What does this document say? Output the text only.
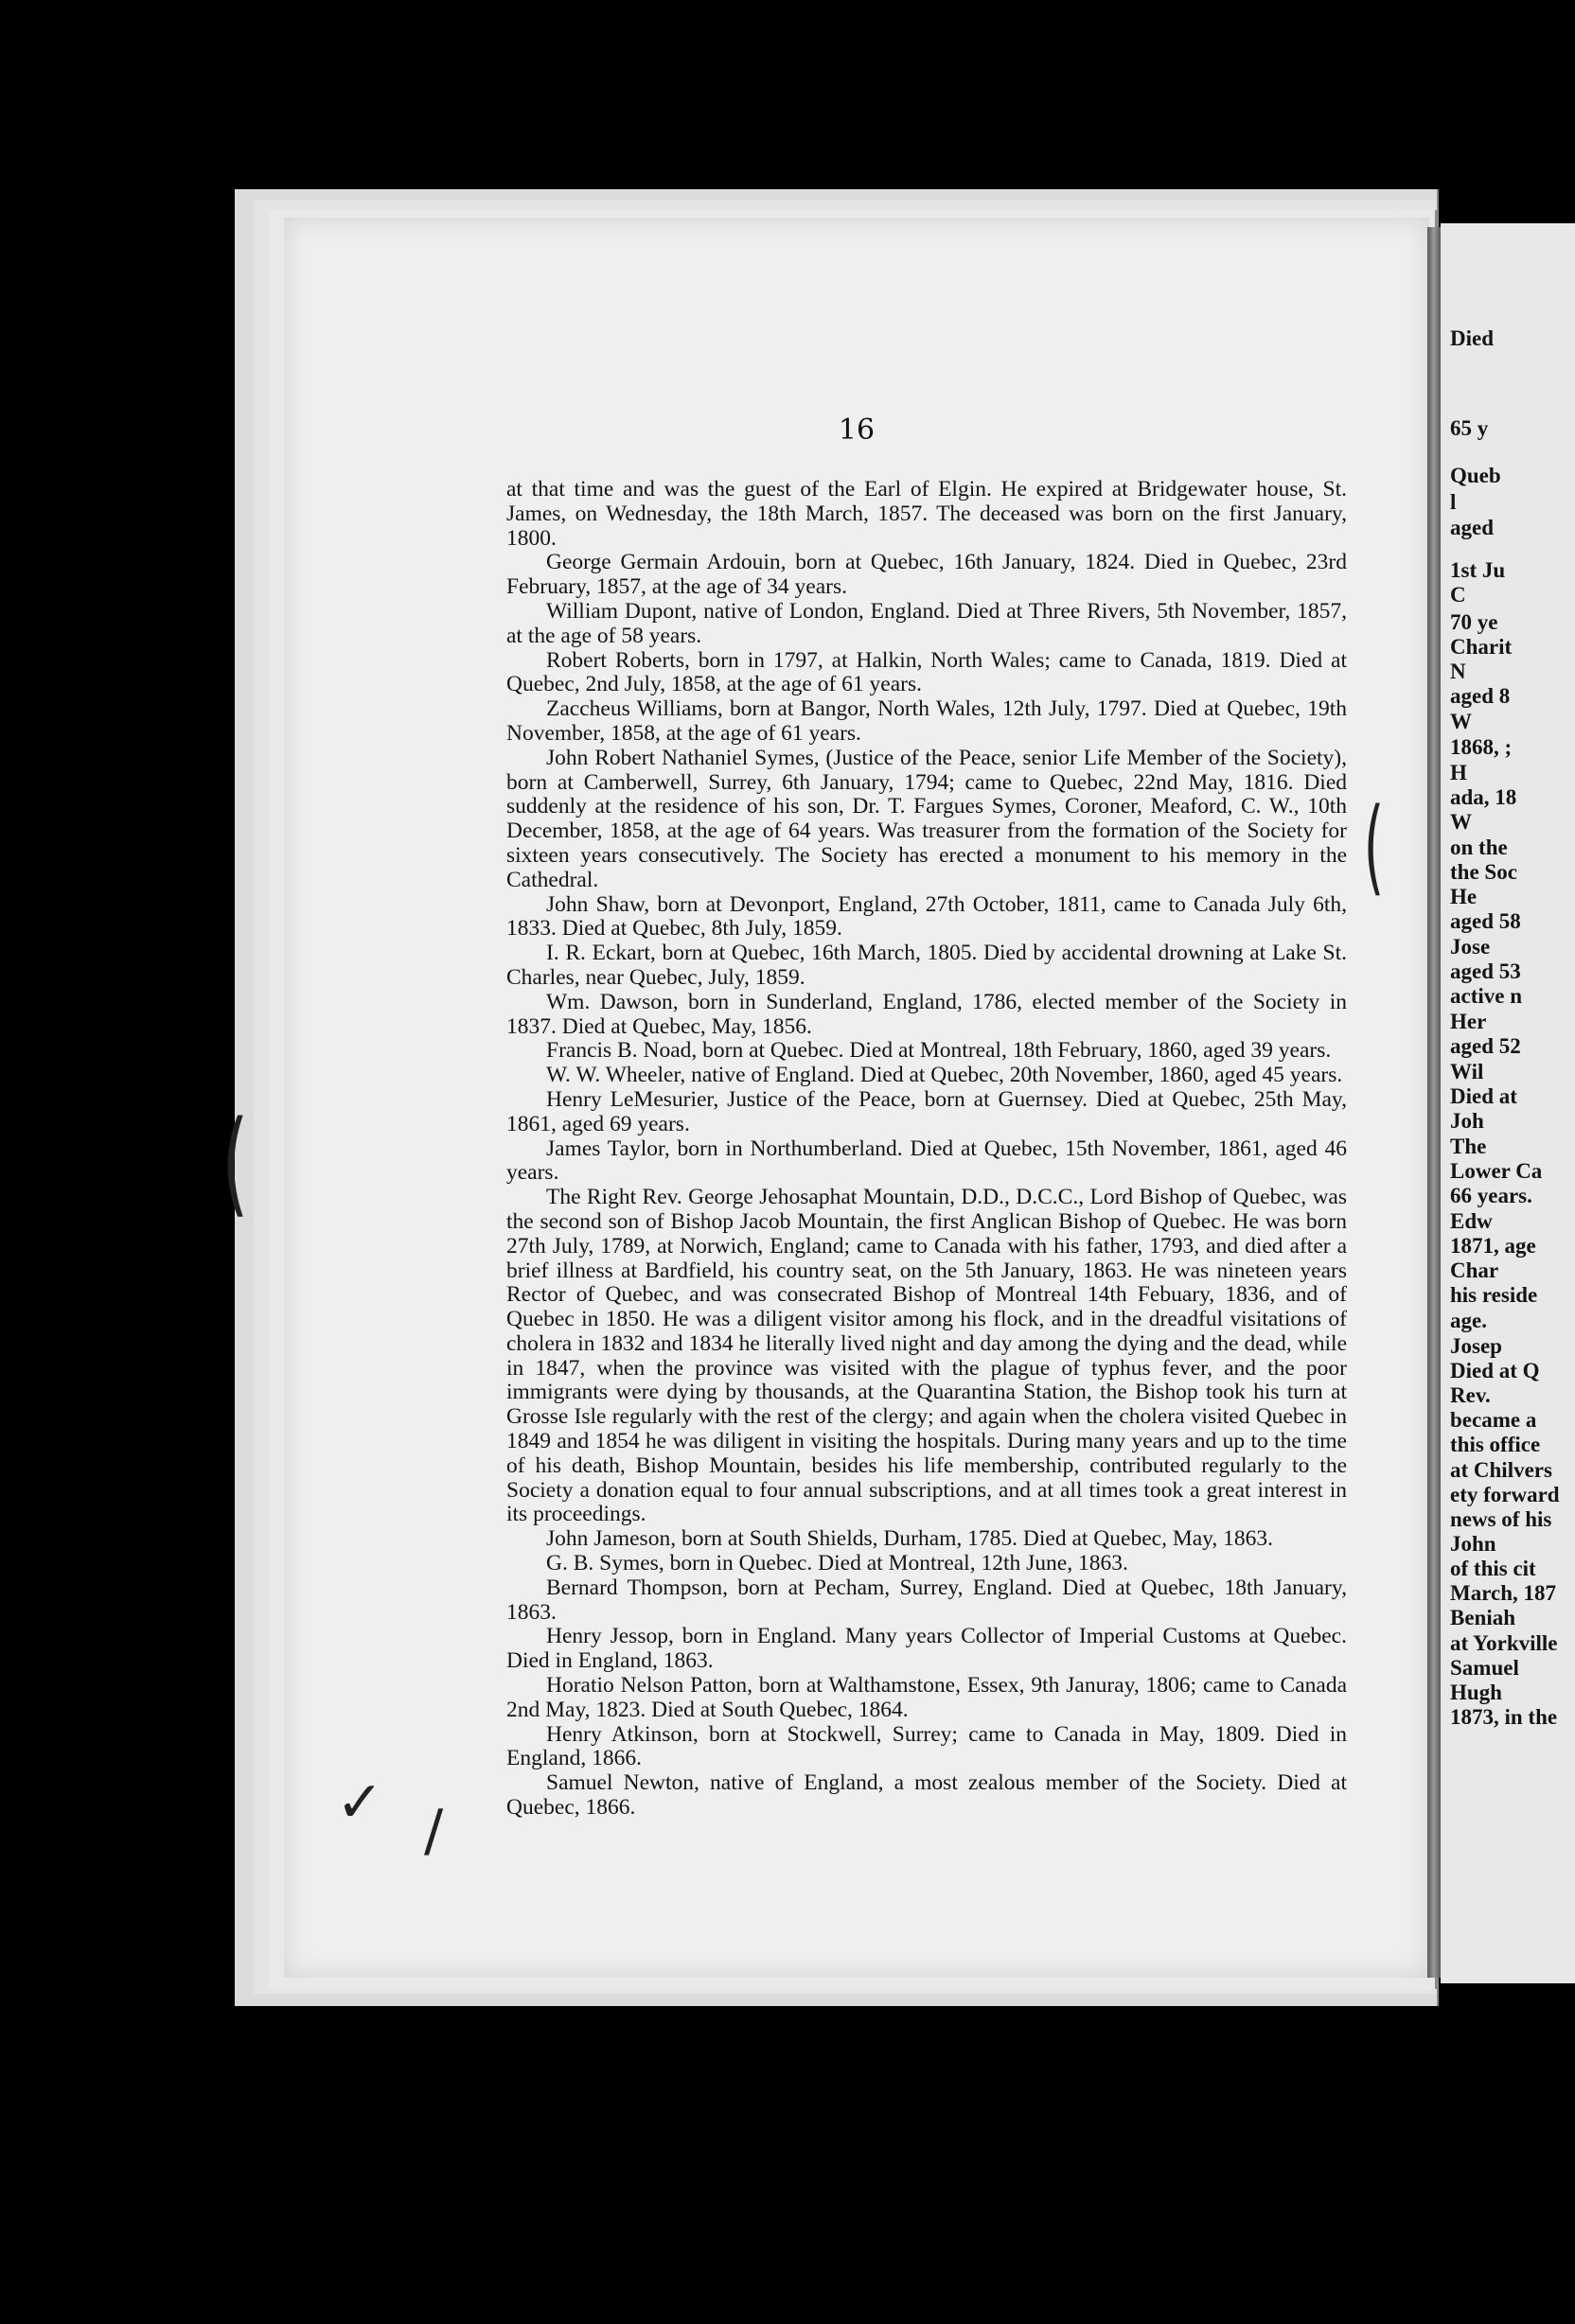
16

at that time and was the guest of the Earl of Elgin. He expired at Bridgewater house, St. James, on Wednesday, the 18th March, 1857. The deceased was born on the first January, 1800.

George Germain Ardouin, born at Quebec, 16th January, 1824. Died in Quebec, 23rd February, 1857, at the age of 34 years.

William Dupont, native of London, England. Died at Three Rivers, 5th November, 1857, at the age of 58 years.

Robert Roberts, born in 1797, at Halkin, North Wales; came to Canada, 1819. Died at Quebec, 2nd July, 1858, at the age of 61 years.

Zaccheus Williams, born at Bangor, North Wales, 12th July, 1797. Died at Quebec, 19th November, 1858, at the age of 61 years.

John Robert Nathaniel Symes, (Justice of the Peace, senior Life Member of the Society), born at Camberwell, Surrey, 6th January, 1794; came to Quebec, 22nd May, 1816. Died suddenly at the residence of his son, Dr. T. Fargues Symes, Coroner, Meaford, C. W., 10th December, 1858, at the age of 64 years. Was treasurer from the formation of the Society for sixteen years consecutively. The Society has erected a monument to his memory in the Cathedral.

John Shaw, born at Devonport, England, 27th October, 1811, came to Canada July 6th, 1833. Died at Quebec, 8th July, 1859.

I. R. Eckart, born at Quebec, 16th March, 1805. Died by accidental drowning at Lake St. Charles, near Quebec, July, 1859.

Wm. Dawson, born in Sunderland, England, 1786, elected member of the Society in 1837. Died at Quebec, May, 1856.

Francis B. Noad, born at Quebec. Died at Montreal, 18th February, 1860, aged 39 years.

W. W. Wheeler, native of England. Died at Quebec, 20th November, 1860, aged 45 years.

Henry LeMesurier, Justice of the Peace, born at Guernsey. Died at Quebec, 25th May, 1861, aged 69 years.

James Taylor, born in Northumberland. Died at Quebec, 15th November, 1861, aged 46 years.

The Right Rev. George Jehosaphat Mountain, D.D., D.C.C., Lord Bishop of Quebec, was the second son of Bishop Jacob Mountain, the first Anglican Bishop of Quebec. He was born 27th July, 1789, at Norwich, England; came to Canada with his father, 1793, and died after a brief illness at Bardfield, his country seat, on the 5th January, 1863. He was nineteen years Rector of Quebec, and was consecrated Bishop of Montreal 14th Febuary, 1836, and of Quebec in 1850. He was a diligent visitor among his flock, and in the dreadful visitations of cholera in 1832 and 1834 he literally lived night and day among the dying and the dead, while in 1847, when the province was visited with the plague of typhus fever, and the poor immigrants were dying by thousands, at the Quarantina Station, the Bishop took his turn at Grosse Isle regularly with the rest of the clergy; and again when the cholera visited Quebec in 1849 and 1854 he was diligent in visiting the hospitals. During many years and up to the time of his death, Bishop Mountain, besides his life membership, contributed regularly to the Society a donation equal to four annual subscriptions, and at all times took a great interest in its proceedings.

John Jameson, born at South Shields, Durham, 1785. Died at Quebec, May, 1863.

G. B. Symes, born in Quebec. Died at Montreal, 12th June, 1863.

Bernard Thompson, born at Pecham, Surrey, England. Died at Quebec, 18th January, 1863.

Henry Jessop, born in England. Many years Collector of Imperial Customs at Quebec. Died in England, 1863.

Horatio Nelson Patton, born at Walthamstone, Essex, 9th Januray, 1806; came to Canada 2nd May, 1823. Died at South Quebec, 1864.

Henry Atkinson, born at Stockwell, Surrey; came to Canada in May, 1809. Died in England, 1866.

Samuel Newton, native of England, a most zealous member of the Society. Died at Quebec, 1866.

(
(
✓ /
Died
65 y
Queb
l
aged
1st Ju
C
70 ye
Charit
N
aged 8
W
1868, ;
H
ada, 18
W
on the
the Soc
He
aged 58
Jose
aged 53
active n
Her
aged 52
Wil
Died at
Joh
The
Lower Ca
66 years.
Edw
1871, age
Char
his reside
age.
Josep
Died at Q
Rev.
became a
this office
at Chilvers
ety forward
news of his
John
of this cit
March, 187
Beniah
at Yorkville
Samuel
Hugh
1873, in the
